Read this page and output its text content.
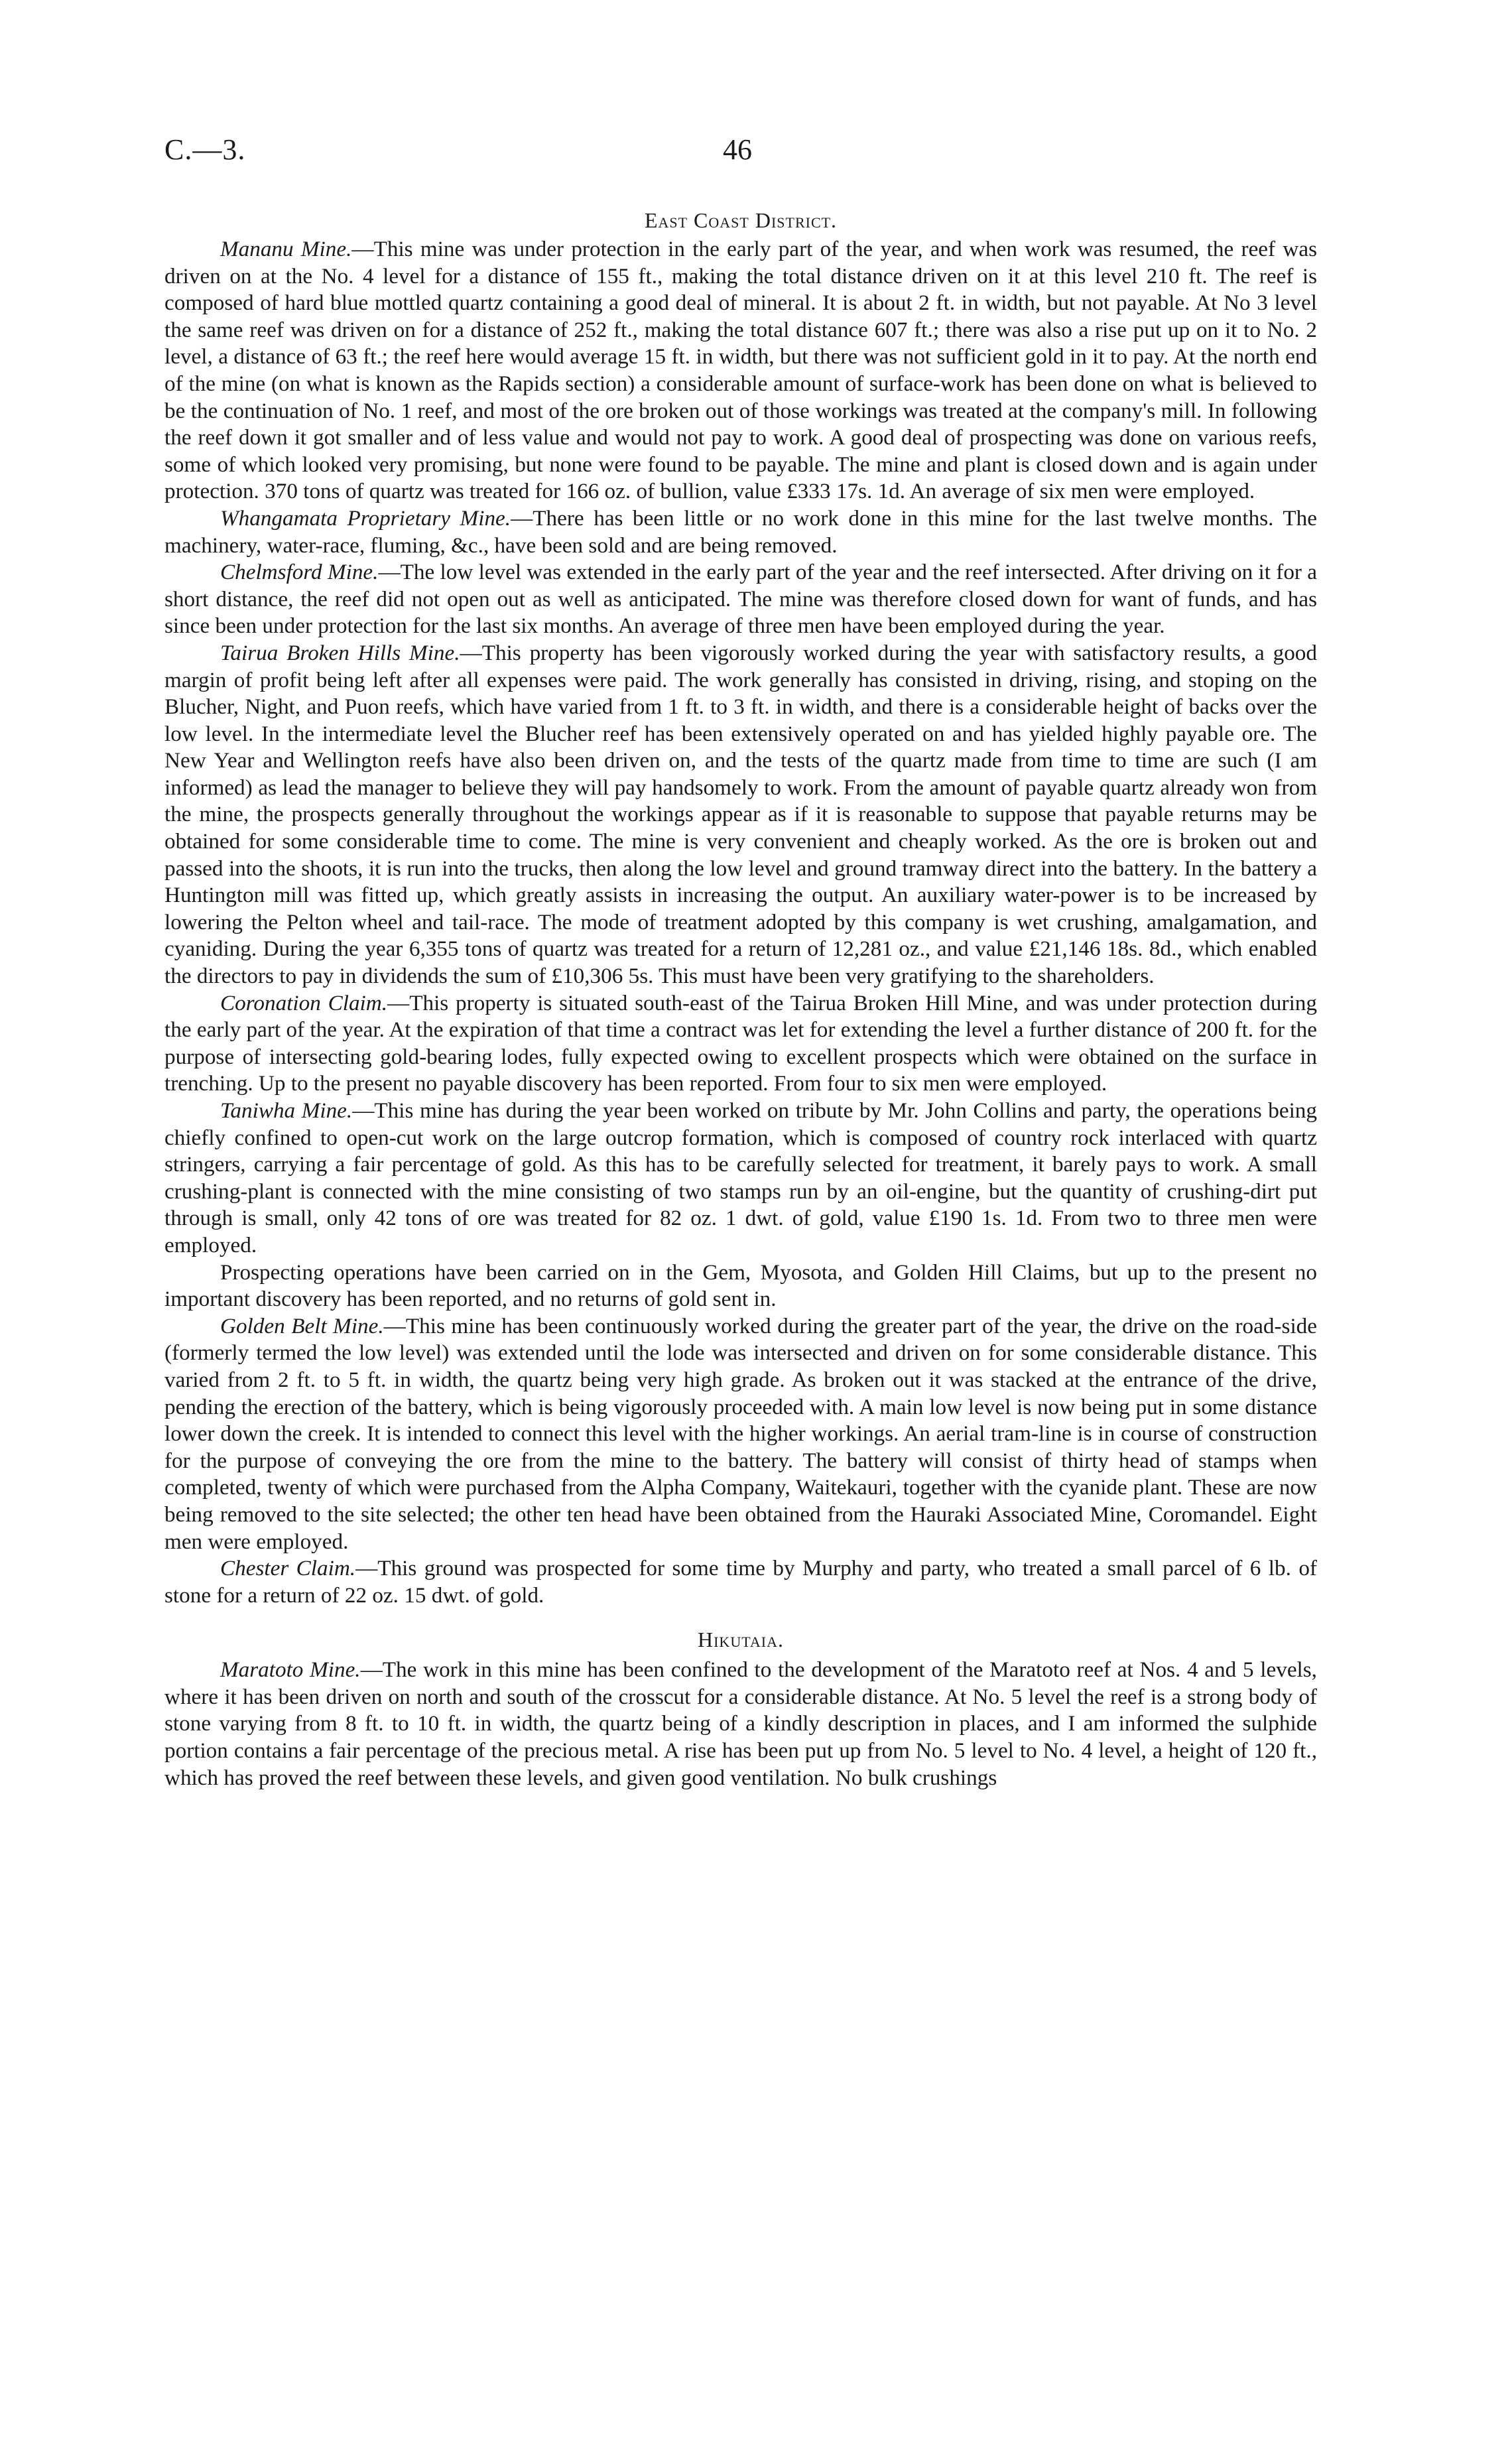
C.—3.	46
East Coast District.

Mananu Mine.—This mine was under protection in the early part of the year, and when work was resumed, the reef was driven on at the No. 4 level for a distance of 155 ft., making the total distance driven on it at this level 210 ft. The reef is composed of hard blue mottled quartz containing a good deal of mineral. It is about 2 ft. in width, but not payable. At No 3 level the same reef was driven on for a distance of 252 ft., making the total distance 607 ft.; there was also a rise put up on it to No. 2 level, a distance of 63 ft.; the reef here would average 15 ft. in width, but there was not sufficient gold in it to pay. At the north end of the mine (on what is known as the Rapids section) a considerable amount of surface-work has been done on what is believed to be the continuation of No. 1 reef, and most of the ore broken out of those workings was treated at the company's mill. In following the reef down it got smaller and of less value and would not pay to work. A good deal of prospecting was done on various reefs, some of which looked very promising, but none were found to be payable. The mine and plant is closed down and is again under protection. 370 tons of quartz was treated for 166 oz. of bullion, value £333 17s. 1d. An average of six men were employed.

Whangamata Proprietary Mine.—There has been little or no work done in this mine for the last twelve months. The machinery, water-race, fluming, &c., have been sold and are being removed.

Chelmsford Mine.—The low level was extended in the early part of the year and the reef intersected. After driving on it for a short distance, the reef did not open out as well as anticipated. The mine was therefore closed down for want of funds, and has since been under protection for the last six months. An average of three men have been employed during the year.

Tairua Broken Hills Mine.—This property has been vigorously worked during the year with satisfactory results, a good margin of profit being left after all expenses were paid. The work generally has consisted in driving, rising, and stoping on the Blucher, Night, and Puon reefs, which have varied from 1 ft. to 3 ft. in width, and there is a considerable height of backs over the low level. In the intermediate level the Blucher reef has been extensively operated on and has yielded highly payable ore. The New Year and Wellington reefs have also been driven on, and the tests of the quartz made from time to time are such (I am informed) as lead the manager to believe they will pay handsomely to work. From the amount of payable quartz already won from the mine, the prospects generally throughout the workings appear as if it is reasonable to suppose that payable returns may be obtained for some considerable time to come. The mine is very convenient and cheaply worked. As the ore is broken out and passed into the shoots, it is run into the trucks, then along the low level and ground tramway direct into the battery. In the battery a Huntington mill was fitted up, which greatly assists in increasing the output. An auxiliary water-power is to be increased by lowering the Pelton wheel and tail-race. The mode of treatment adopted by this company is wet crushing, amalgamation, and cyaniding. During the year 6,355 tons of quartz was treated for a return of 12,281 oz., and value £21,146 18s. 8d., which enabled the directors to pay in dividends the sum of £10,306 5s. This must have been very gratifying to the shareholders.

Coronation Claim.—This property is situated south-east of the Tairua Broken Hill Mine, and was under protection during the early part of the year. At the expiration of that time a contract was let for extending the level a further distance of 200 ft. for the purpose of intersecting gold-bearing lodes, fully expected owing to excellent prospects which were obtained on the surface in trenching. Up to the present no payable discovery has been reported. From four to six men were employed.

Taniwha Mine.—This mine has during the year been worked on tribute by Mr. John Collins and party, the operations being chiefly confined to open-cut work on the large outcrop formation, which is composed of country rock interlaced with quartz stringers, carrying a fair percentage of gold. As this has to be carefully selected for treatment, it barely pays to work. A small crushing-plant is connected with the mine consisting of two stamps run by an oil-engine, but the quantity of crushing-dirt put through is small, only 42 tons of ore was treated for 82 oz. 1 dwt. of gold, value £190 1s. 1d. From two to three men were employed.

Prospecting operations have been carried on in the Gem, Myosota, and Golden Hill Claims, but up to the present no important discovery has been reported, and no returns of gold sent in.

Golden Belt Mine.—This mine has been continuously worked during the greater part of the year, the drive on the road-side (formerly termed the low level) was extended until the lode was intersected and driven on for some considerable distance. This varied from 2 ft. to 5 ft. in width, the quartz being very high grade. As broken out it was stacked at the entrance of the drive, pending the erection of the battery, which is being vigorously proceeded with. A main low level is now being put in some distance lower down the creek. It is intended to connect this level with the higher workings. An aerial tram-line is in course of construction for the purpose of conveying the ore from the mine to the battery. The battery will consist of thirty head of stamps when completed, twenty of which were purchased from the Alpha Company, Waitekauri, together with the cyanide plant. These are now being removed to the site selected; the other ten head have been obtained from the Hauraki Associated Mine, Coromandel. Eight men were employed.

Chester Claim.—This ground was prospected for some time by Murphy and party, who treated a small parcel of 6 lb. of stone for a return of 22 oz. 15 dwt. of gold.

Hikutaia.

Maratoto Mine.—The work in this mine has been confined to the development of the Maratoto reef at Nos. 4 and 5 levels, where it has been driven on north and south of the crosscut for a considerable distance. At No. 5 level the reef is a strong body of stone varying from 8 ft. to 10 ft. in width, the quartz being of a kindly description in places, and I am informed the sulphide portion contains a fair percentage of the precious metal. A rise has been put up from No. 5 level to No. 4 level, a height of 120 ft., which has proved the reef between these levels, and given good ventilation. No bulk crushings
